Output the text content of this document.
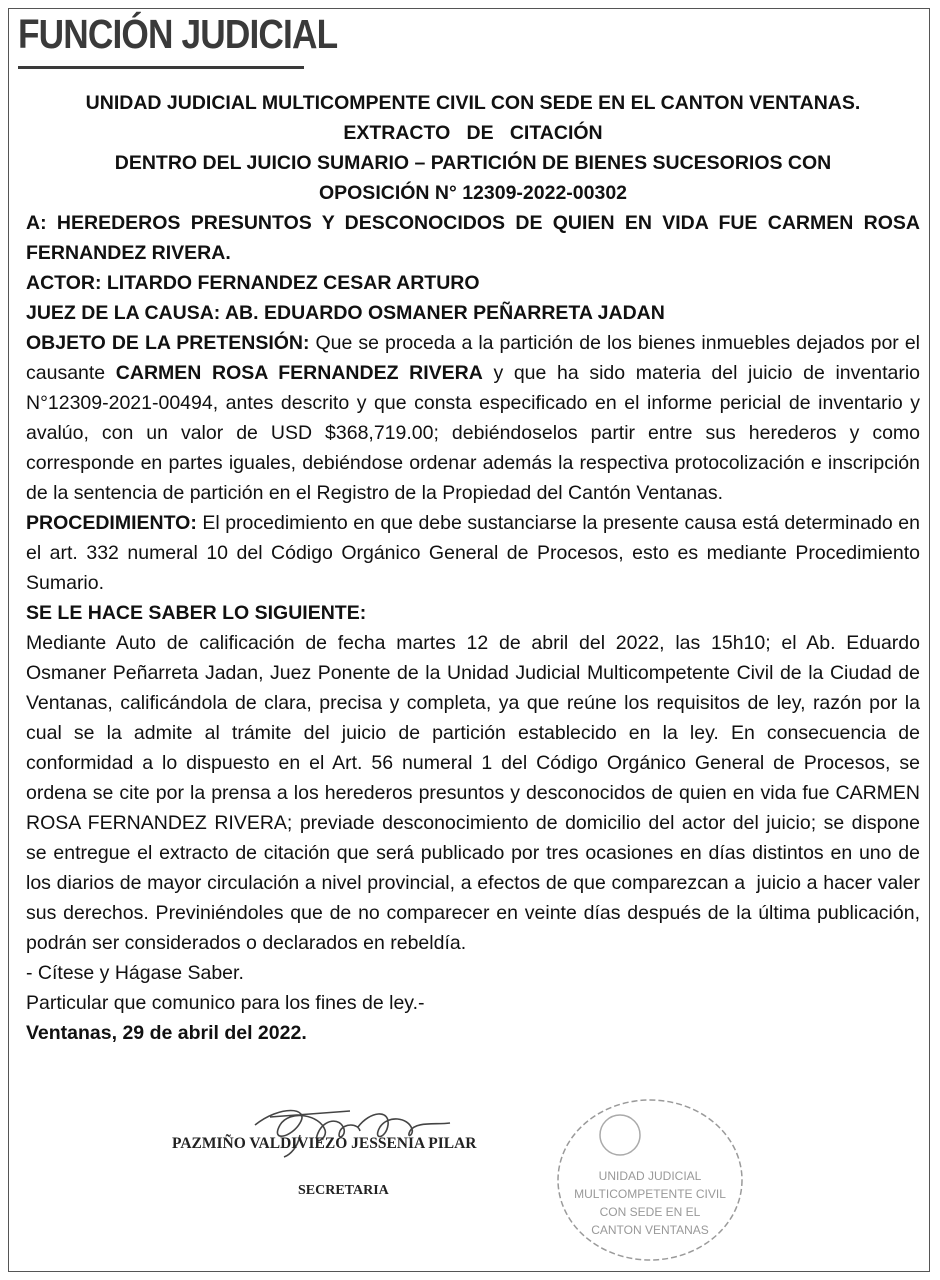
FUNCIÓN JUDICIAL
UNIDAD JUDICIAL MULTICOMPENTE CIVIL CON SEDE EN EL CANTON VENTANAS.
EXTRACTO   DE   CITACIÓN
DENTRO DEL JUICIO SUMARIO – PARTICIÓN DE BIENES SUCESORIOS CON
OPOSICIÓN N° 12309-2022-00302
A: HEREDEROS PRESUNTOS Y DESCONOCIDOS DE QUIEN EN VIDA FUE CARMEN ROSA FERNANDEZ RIVERA.
ACTOR: LITARDO FERNANDEZ CESAR ARTURO
JUEZ DE LA CAUSA: AB. EDUARDO OSMANER PEÑARRETA JADAN
OBJETO DE LA PRETENSIÓN: Que se proceda a la partición de los bienes inmuebles dejados por el causante CARMEN ROSA FERNANDEZ RIVERA y que ha sido materia del juicio de inventario N°12309-2021-00494, antes descrito y que consta especificado en el informe pericial de inventario y avalúo, con un valor de USD $368,719.00; debiéndoselos partir entre sus herederos y como corresponde en partes iguales, debiéndose ordenar además la respectiva protocolización e inscripción de la sentencia de partición en el Registro de la Propiedad del Cantón Ventanas.
PROCEDIMIENTO: El procedimiento en que debe sustanciarse la presente causa está determinado en el art. 332 numeral 10 del Código Orgánico General de Procesos, esto es mediante Procedimiento Sumario.
SE LE HACE SABER LO SIGUIENTE:
Mediante Auto de calificación de fecha martes 12 de abril del 2022, las 15h10; el Ab. Eduardo Osmaner Peñarreta Jadan, Juez Ponente de la Unidad Judicial Multicompetente Civil de la Ciudad de Ventanas, calificándola de clara, precisa y completa, ya que reúne los requisitos de ley, razón por la cual se la admite al trámite del juicio de partición establecido en la ley. En consecuencia de conformidad a lo dispuesto en el Art. 56 numeral 1 del Código Orgánico General de Procesos, se ordena se cite por la prensa a los herederos presuntos y desconocidos de quien en vida fue CARMEN ROSA FERNANDEZ RIVERA; previade desconocimiento de domicilio del actor del juicio; se dispone se entregue el extracto de citación que será publicado por tres ocasiones en días distintos en uno de los diarios de mayor circulación a nivel provincial, a efectos de que comparezcan a  juicio a hacer valer sus derechos. Previniéndoles que de no comparecer en veinte días después de la última publicación, podrán ser considerados o declarados en rebeldía.
- Cítese y Hágase Saber.
Particular que comunico para los fines de ley.-
Ventanas, 29 de abril del 2022.
PAZMIÑO VALDIVIEZO JESSENIA PILAR
SECRETARIA
UNIDAD JUDICIAL
MULTICOMPETENTE CIVIL
CON SEDE EN EL
CANTON VENTANAS
